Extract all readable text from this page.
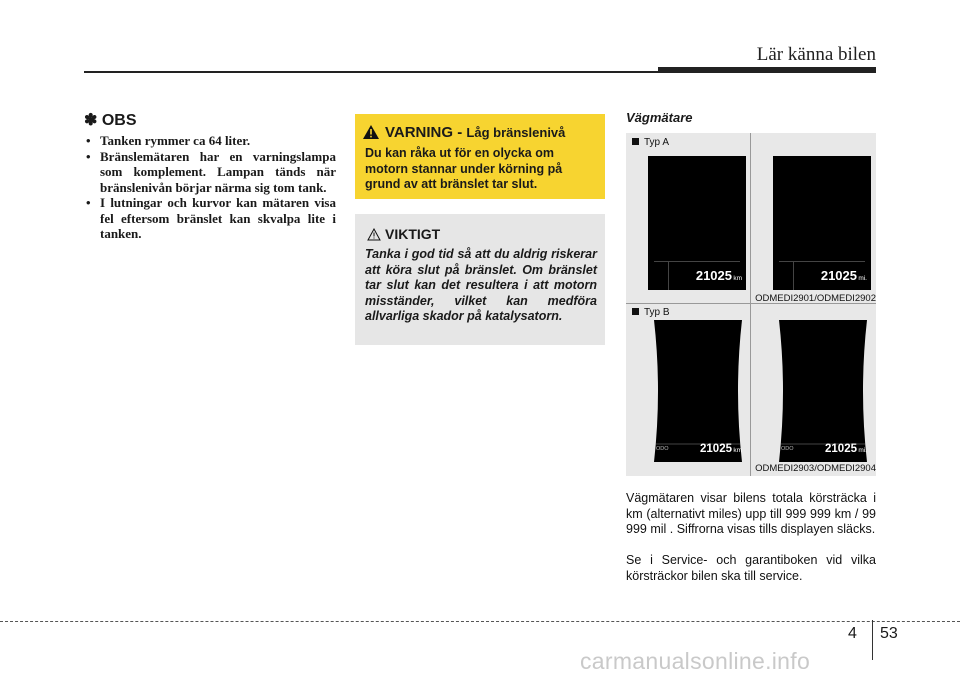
Lär känna bilen
✽ OBS
• Tanken rymmer ca 64 liter.
• Bränslemätaren har en varningslampa som komplement. Lampan tänds när bränslenivån börjar närma sig tom tank.
• I lutningar och kurvor kan mätaren visa fel eftersom bränslet kan skvalpa lite i tanken.
VARNING - Låg bränslenivå
Du kan råka ut för en olycka om motorn stannar under körning på grund av att bränslet tar slut.
VIKTIGT
Tanka i god tid så att du aldrig riskerar att köra slut på bränslet. Om bränslet tar slut kan det resultera i att motorn misständer, vilket kan medföra allvarliga skador på katalysatorn.
Vägmätare
Typ A
21025 km	21025 mi.
ODMEDI2901/ODMEDI2902
Typ B
ODO	21025 km	ODO	21025 mi.
ODMEDI2903/ODMEDI2904
Vägmätaren visar bilens totala körsträcka i km (alternativt miles) upp till 999 999 km / 99 999 mil . Siffrorna visas tills displayen släcks.
Se i Service- och garantiboken vid vilka körsträckor bilen ska till service.
4 53
carmanualsonline.info
